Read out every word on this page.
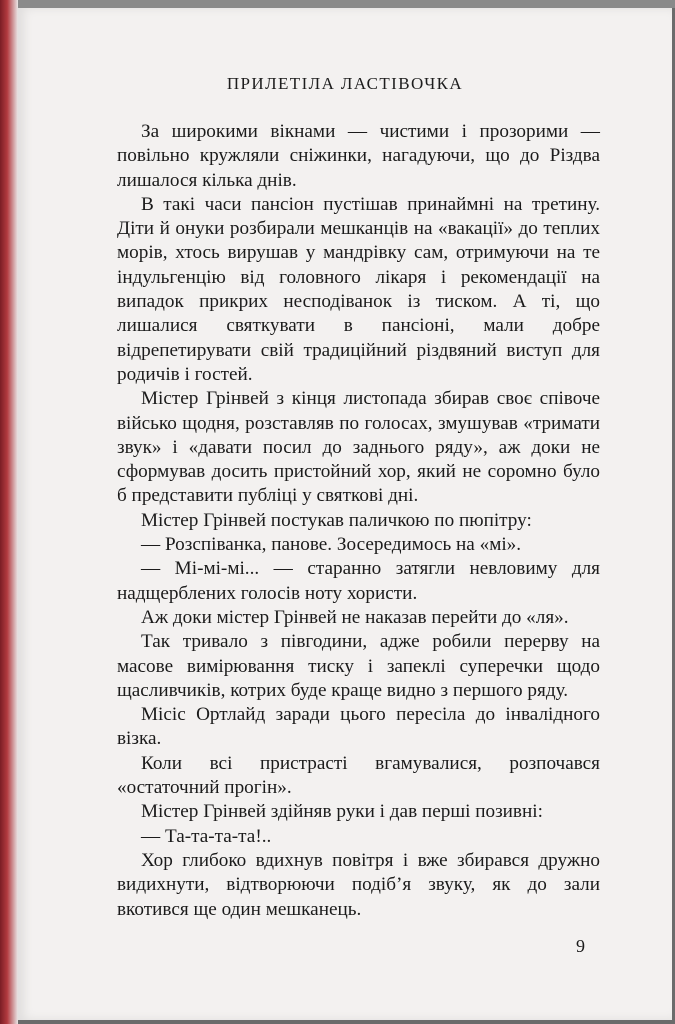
ПРИЛЕТІЛА ЛАСТІВОЧКА

За широкими вікнами — чистими і прозорими — повільно кружляли сніжинки, нагадуючи, що до Різдва лишалося кілька днів.

В такі часи пансіон пустішав принаймні на третину. Діти й онуки розбирали мешканців на «вакації» до теплих морів, хтось вирушав у мандрівку сам, отримуючи на те індульгенцію від головного лікаря і рекомендації на випадок прикрих несподіванок із тиском. А ті, що лишалися святкувати в пансіоні, мали добре відрепетирувати свій традиційний різдвяний виступ для родичів і гостей.

Містер Грінвей з кінця листопада збирав своє співоче військо щодня, розставляв по голосах, змушував «тримати звук» і «давати посил до заднього ряду», аж доки не сформував досить пристойний хор, який не соромно було б представити публіці у святкові дні.

Містер Грінвей постукав паличкою по пюпітру:

— Розспіванка, панове. Зосередимось на «мі».

— Мі-мі-мі... — старанно затягли невловиму для надщерблених голосів ноту хористи.

Аж доки містер Грінвей не наказав перейти до «ля».

Так тривало з півгодини, адже робили перерву на масове вимірювання тиску і запеклі суперечки щодо щасливчиків, котрих буде краще видно з першого ряду.

Місіс Ортлайд заради цього пересіла до інвалідного візка.

Коли всі пристрасті вгамувалися, розпочався «остаточний прогін».

Містер Грінвей здійняв руки і дав перші позивні:

— Та-та-та-та!..

Хор глибоко вдихнув повітря і вже збирався дружно видихнути, відтворюючи подіб’я звуку, як до зали вкотився ще один мешканець.

9
